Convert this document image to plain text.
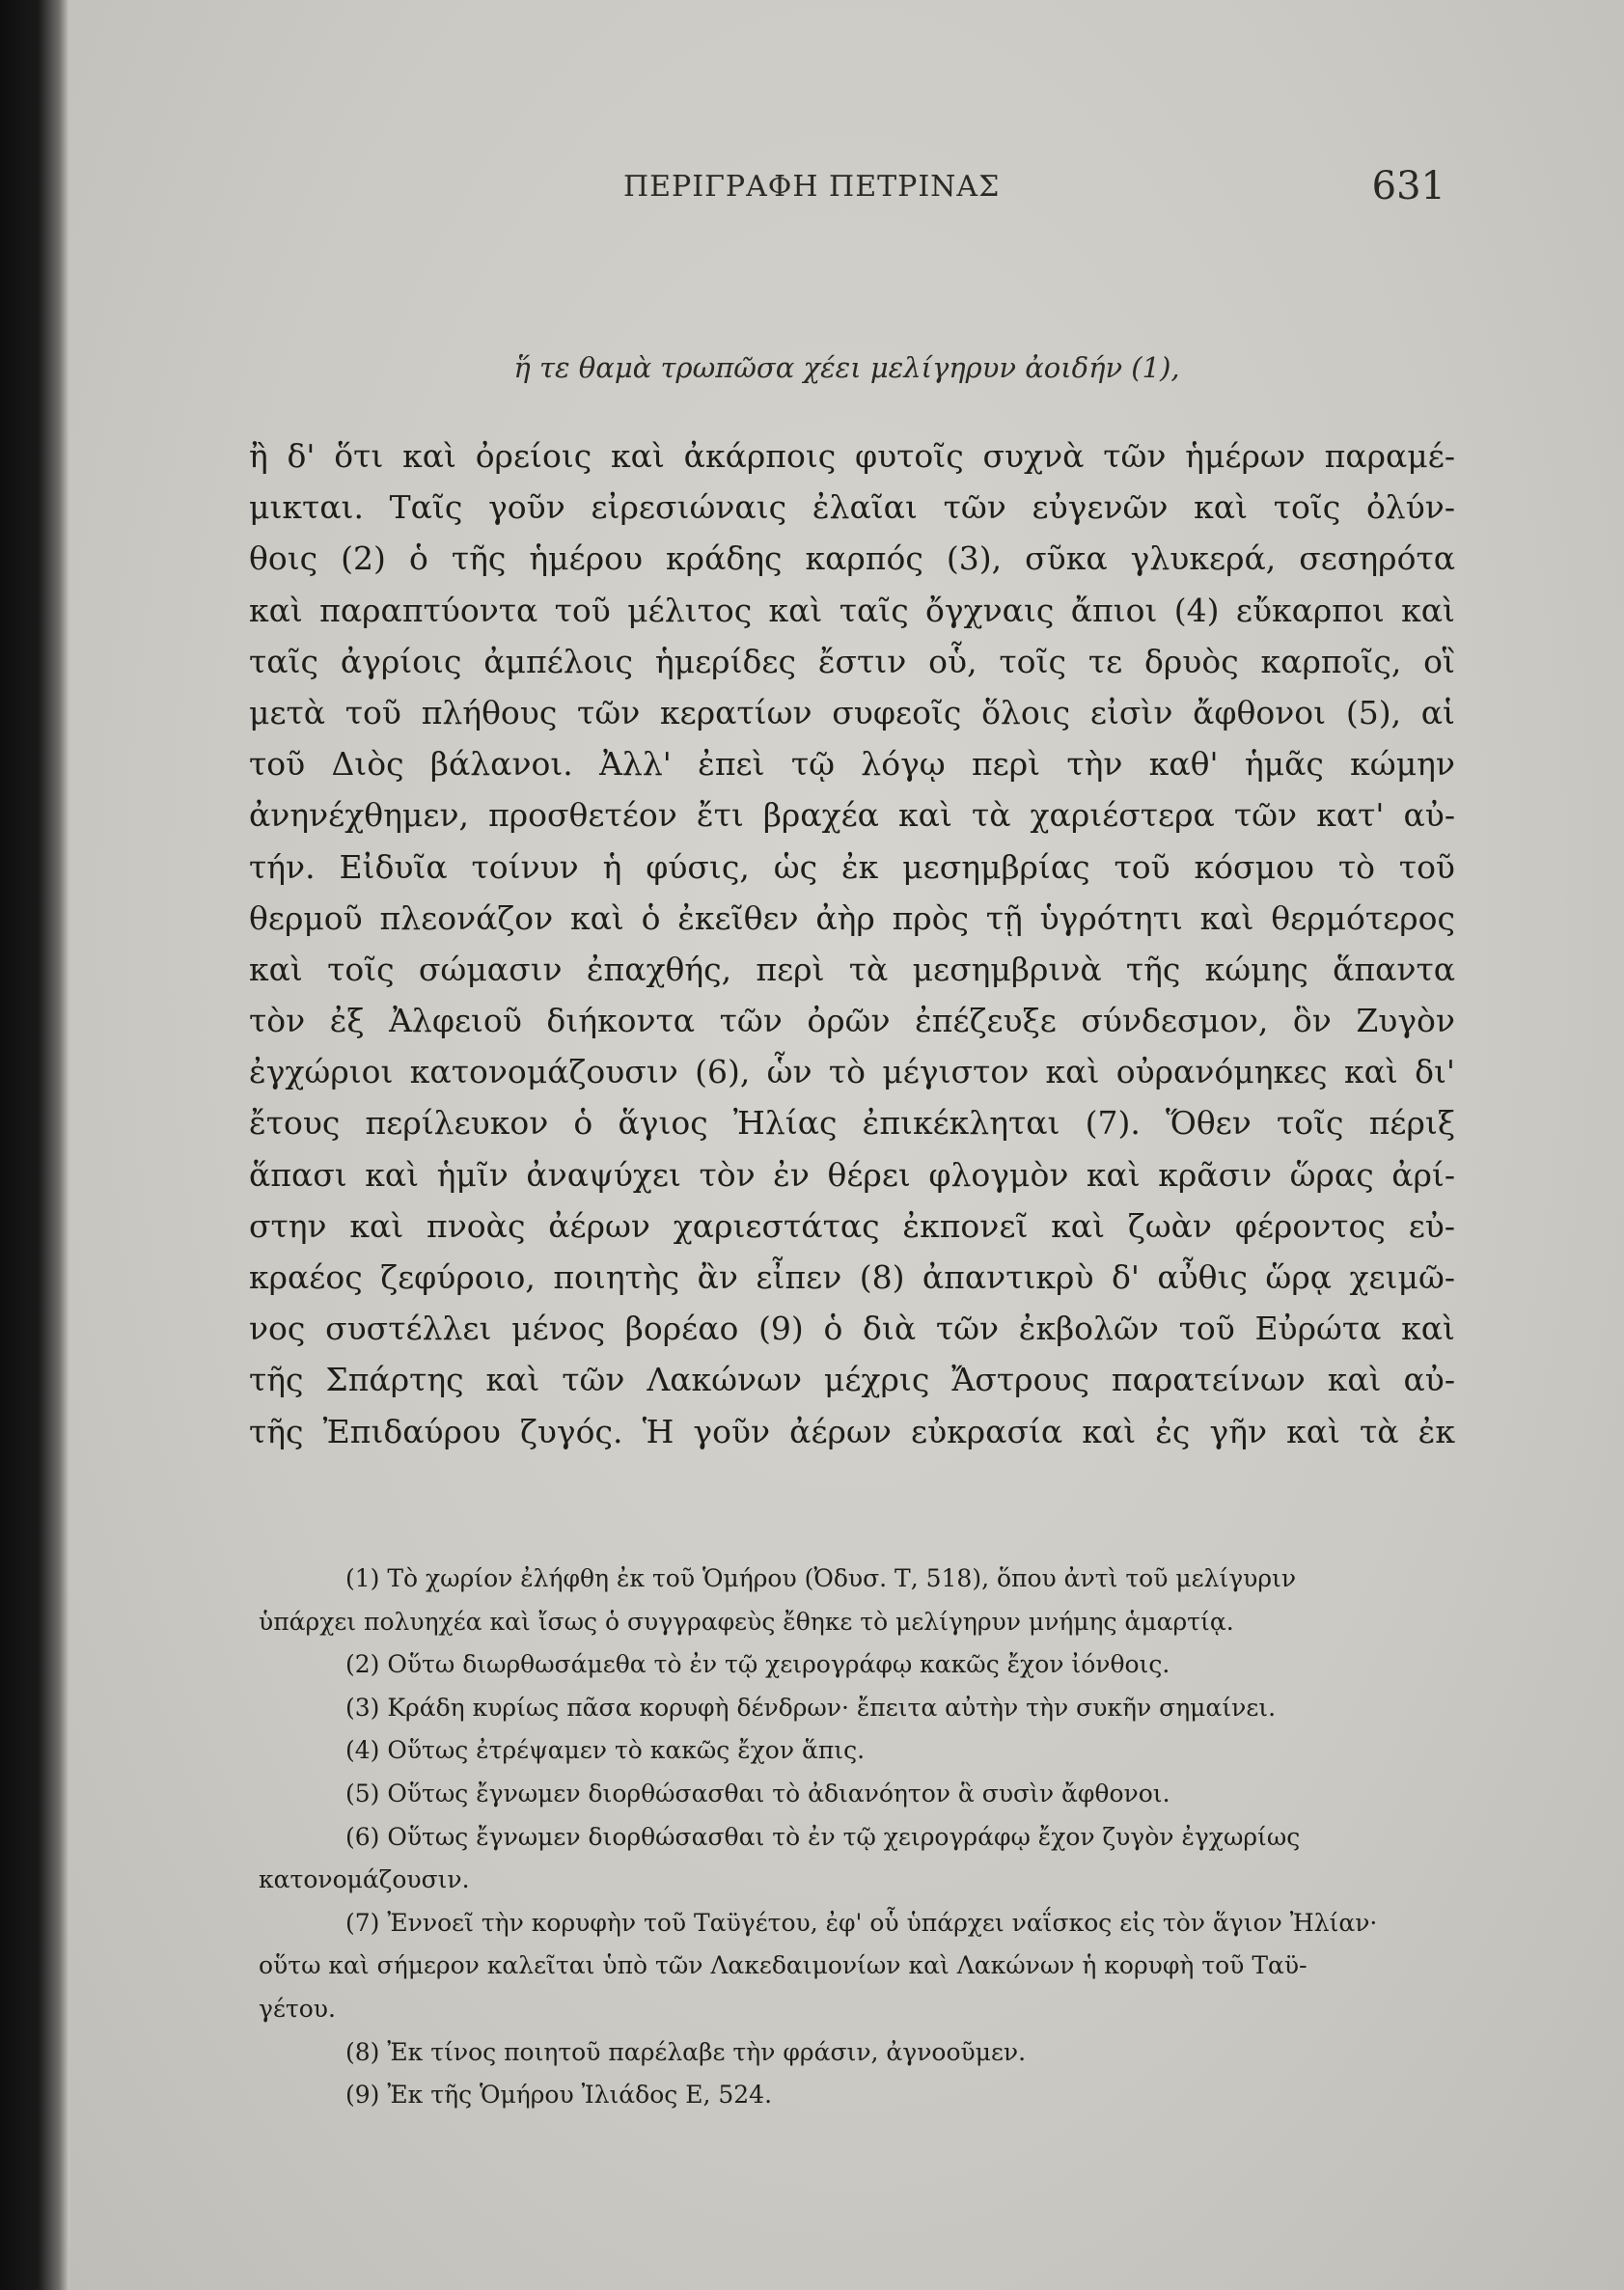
ΠΕΡΙΓΡΑΦΗ ΠΕΤΡΙΝΑΣ	631
ἥ τε θαμὰ τρωπῶσα χέει μελίγηρυν ἀοιδήν (1),
ἢ δ' ὅτι καὶ ὀρείοις καὶ ἀκάρποις φυτοῖς συχνὰ τῶν ἡμέρων παραμέ-
μικται. Ταῖς γοῦν εἰρεσιώναις ἐλαῖαι τῶν εὐγενῶν καὶ τοῖς ὀλύν-
θοις (2) ὁ τῆς ἡμέρου κράδης καρπός (3), σῦκα γλυκερά, σεσηρότα
καὶ παραπτύοντα τοῦ μέλιτος καὶ ταῖς ὄγχναις ἄπιοι (4) εὔκαρποι καὶ
ταῖς ἀγρίοις ἀμπέλοις ἡμερίδες ἔστιν οὗ, τοῖς τε δρυὸς καρποῖς, οἳ
μετὰ τοῦ πλήθους τῶν κερατίων συφεοῖς ὅλοις εἰσὶν ἄφθονοι (5), αἱ
τοῦ Διὸς βάλανοι. Ἀλλ' ἐπεὶ τῷ λόγῳ περὶ τὴν καθ' ἡμᾶς κώμην
ἀνηνέχθημεν, προσθετέον ἔτι βραχέα καὶ τὰ χαριέστερα τῶν κατ' αὐ-
τήν. Εἰδυῖα τοίνυν ἡ φύσις, ὡς ἐκ μεσημβρίας τοῦ κόσμου τὸ τοῦ
θερμοῦ πλεονάζον καὶ ὁ ἐκεῖθεν ἀὴρ πρὸς τῇ ὑγρότητι καὶ θερμότερος
καὶ τοῖς σώμασιν ἐπαχθής, περὶ τὰ μεσημβρινὰ τῆς κώμης ἅπαντα
τὸν ἐξ Ἀλφειοῦ διήκοντα τῶν ὀρῶν ἐπέζευξε σύνδεσμον, ὃν Ζυγὸν
ἐγχώριοι κατονομάζουσιν (6), ὧν τὸ μέγιστον καὶ οὐρανόμηκες καὶ δι'
ἔτους περίλευκον ὁ ἅγιος Ἠλίας ἐπικέκληται (7). Ὅθεν τοῖς πέριξ
ἅπασι καὶ ἡμῖν ἀναψύχει τὸν ἐν θέρει φλογμὸν καὶ κρᾶσιν ὥρας ἀρί-
στην καὶ πνοὰς ἀέρων χαριεστάτας ἐκπονεῖ καὶ ζωὰν φέροντος εὐ-
κραέος ζεφύροιο, ποιητὴς ἂν εἶπεν (8) ἀπαντικρὺ δ' αὖθις ὥρᾳ χειμῶ-
νος συστέλλει μένος βορέαο (9) ὁ διὰ τῶν ἐκβολῶν τοῦ Εὐρώτα καὶ
τῆς Σπάρτης καὶ τῶν Λακώνων μέχρις Ἄστρους παρατείνων καὶ αὐ-
τῆς Ἐπιδαύρου ζυγός. Ἡ γοῦν ἀέρων εὐκρασία καὶ ἐς γῆν καὶ τὰ ἐκ
(1) Τὸ χωρίον ἐλήφθη ἐκ τοῦ Ὁμήρου (Ὀδυσ. Τ, 518), ὅπου ἀντὶ τοῦ μελίγυριν
ὑπάρχει πολυηχέα καὶ ἴσως ὁ συγγραφεὺς ἔθηκε τὸ μελίγηρυν μνήμης ἁμαρτίᾳ.
(2) Οὕτω διωρθωσάμεθα τὸ ἐν τῷ χειρογράφῳ κακῶς ἔχον ἰόνθοις.
(3) Κράδη κυρίως πᾶσα κορυφὴ δένδρων· ἔπειτα αὐτὴν τὴν συκῆν σημαίνει.
(4) Οὕτως ἐτρέψαμεν τὸ κακῶς ἔχον ἅπις.
(5) Οὕτως ἔγνωμεν διορθώσασθαι τὸ ἀδιανόητον ἃ συσὶν ἄφθονοι.
(6) Οὕτως ἔγνωμεν διορθώσασθαι τὸ ἐν τῷ χειρογράφῳ ἔχον ζυγὸν ἐγχωρίως
κατονομάζουσιν.
(7) Ἐννοεῖ τὴν κορυφὴν τοῦ Ταϋγέτου, ἐφ' οὗ ὑπάρχει ναΐσκος εἰς τὸν ἅγιον Ἠλίαν·
οὕτω καὶ σήμερον καλεῖται ὑπὸ τῶν Λακεδαιμονίων καὶ Λακώνων ἡ κορυφὴ τοῦ Ταϋ-
γέτου.
(8) Ἐκ τίνος ποιητοῦ παρέλαβε τὴν φράσιν, ἀγνοοῦμεν.
(9) Ἐκ τῆς Ὁμήρου Ἰλιάδος Ε, 524.
